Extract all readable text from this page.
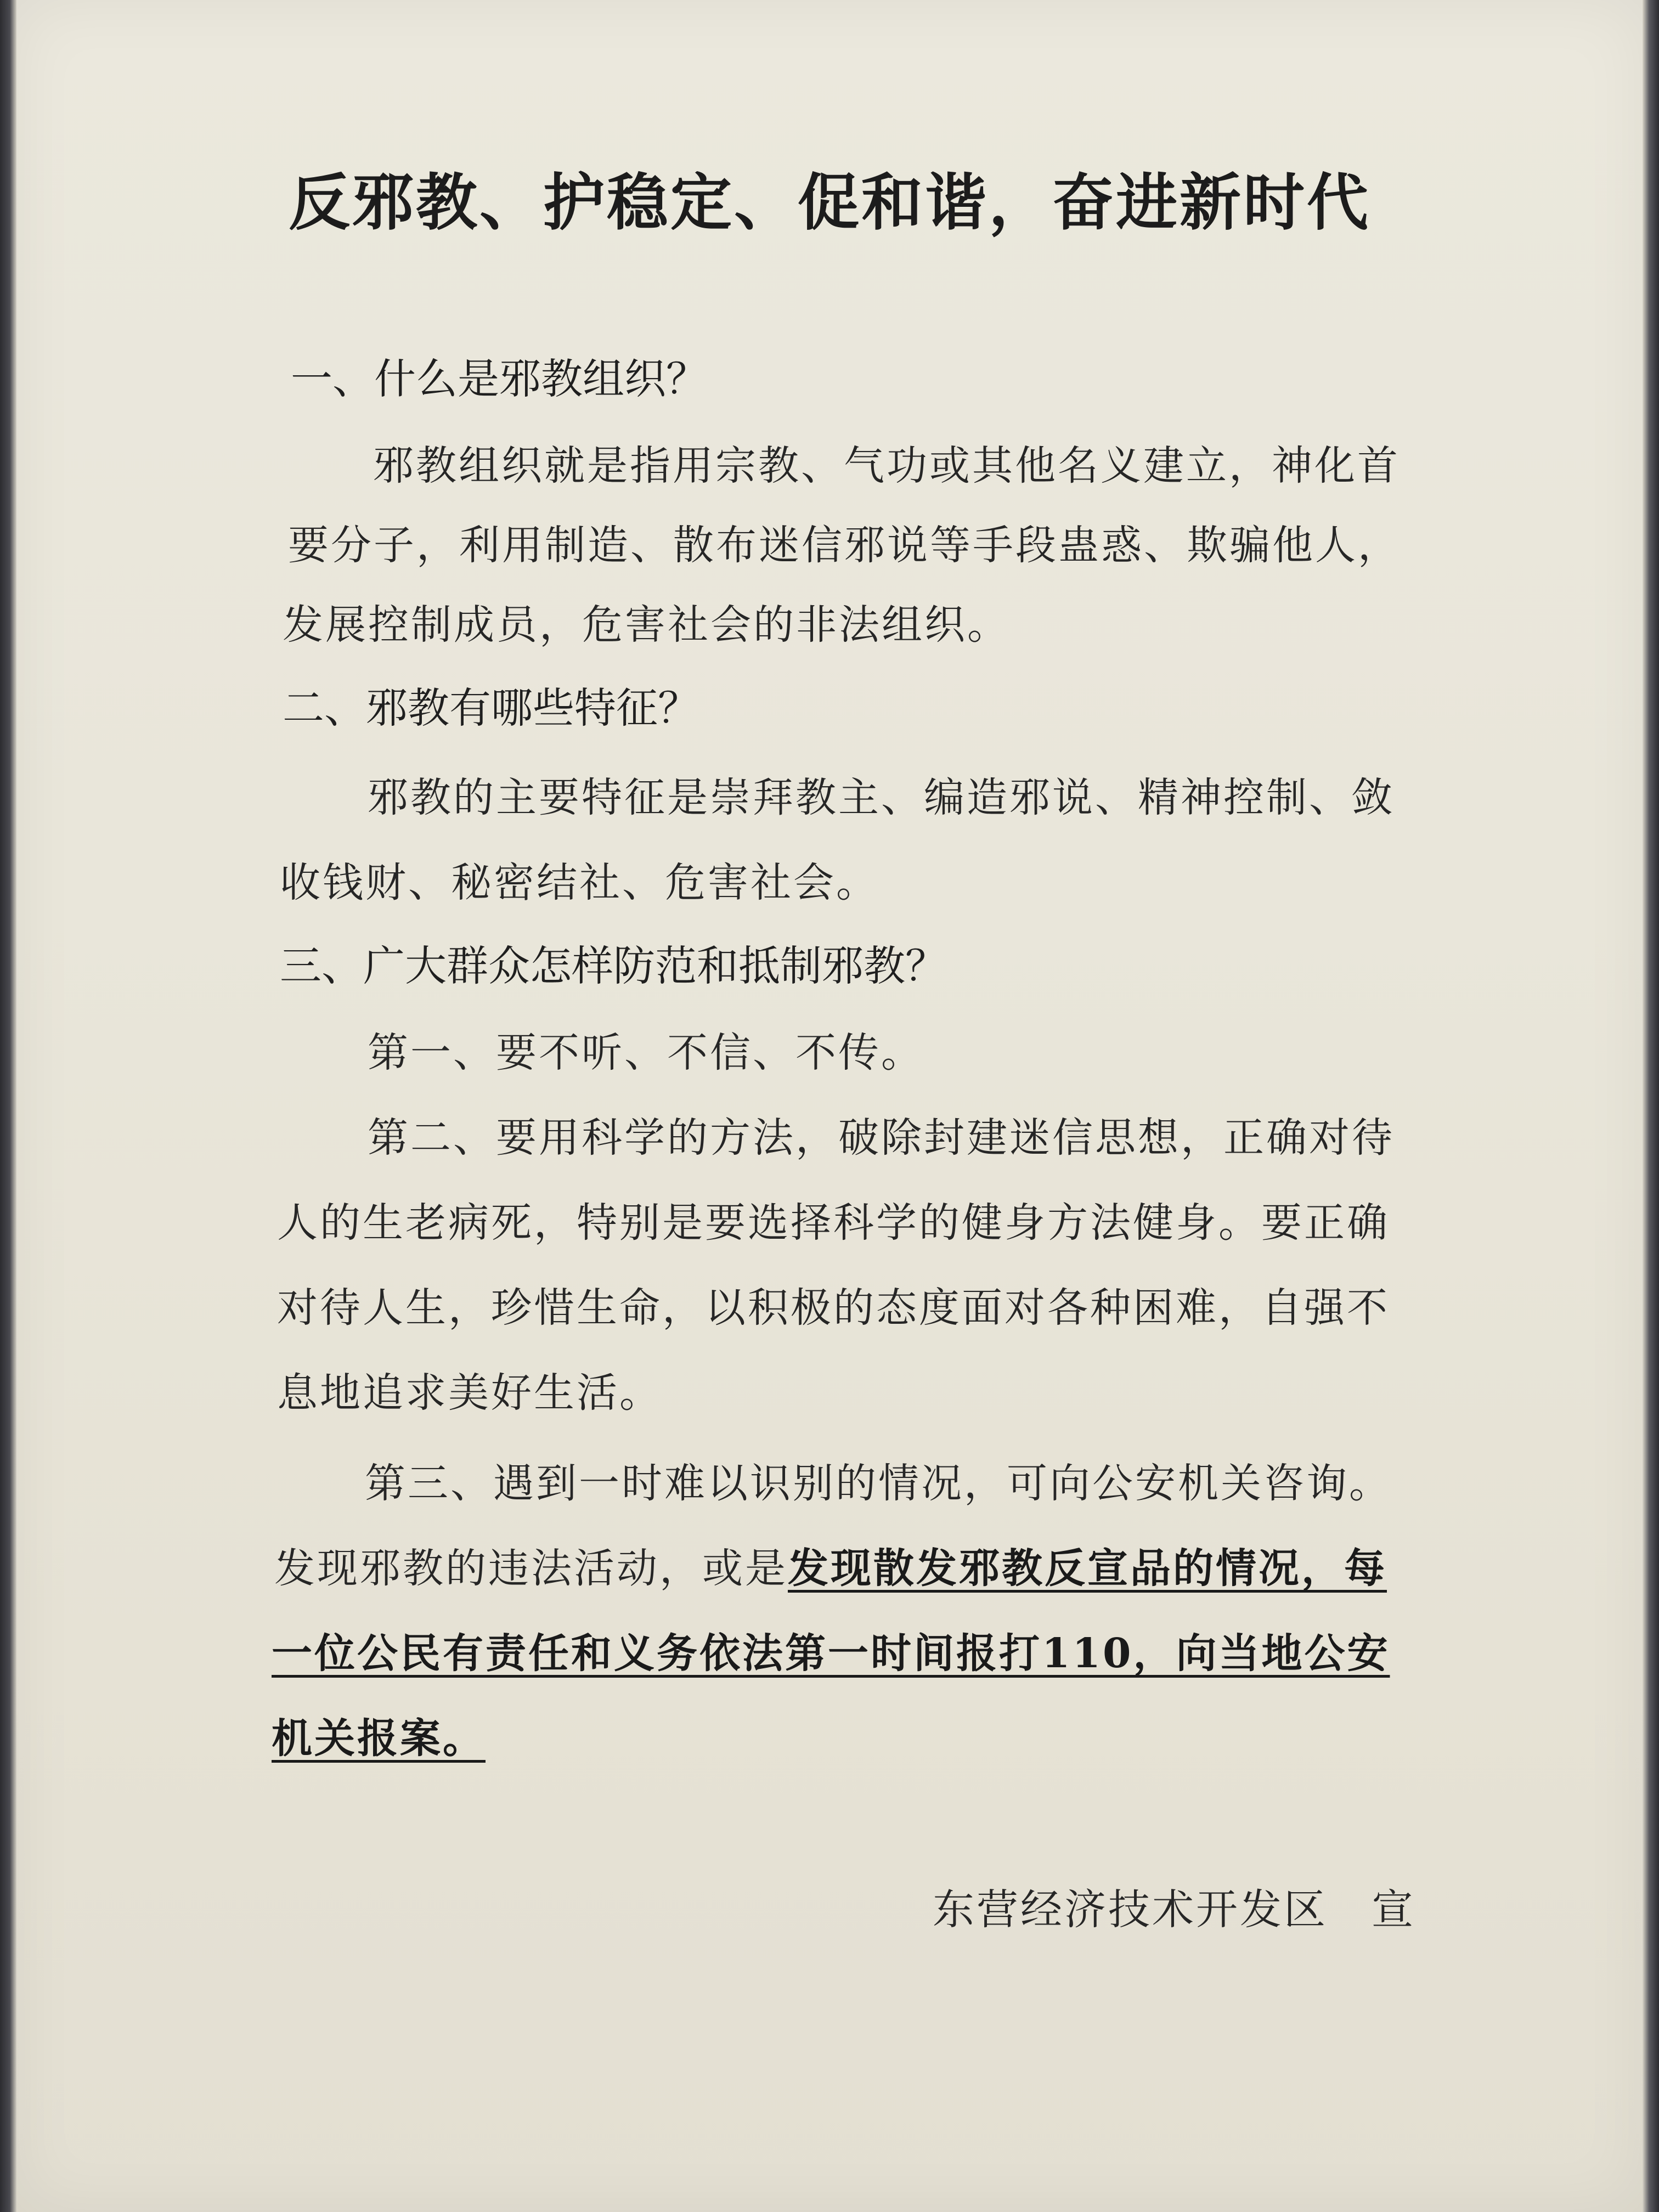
反邪教、护稳定、促和谐，奋进新时代
一、什么是邪教组织？
邪教组织就是指用宗教、气功或其他名义建立，神化首
要分子，利用制造、散布迷信邪说等手段蛊惑、欺骗他人，
发展控制成员，危害社会的非法组织。
二、邪教有哪些特征？
邪教的主要特征是崇拜教主、编造邪说、精神控制、敛
收钱财、秘密结社、危害社会。
三、广大群众怎样防范和抵制邪教？
第一、要不听、不信、不传。
第二、要用科学的方法，破除封建迷信思想，正确对待
人的生老病死，特别是要选择科学的健身方法健身。要正确
对待人生，珍惜生命，以积极的态度面对各种困难，自强不
息地追求美好生活。
第三、遇到一时难以识别的情况，可向公安机关咨询。
发现邪教的违法活动，或是发现散发邪教反宣品的情况，每
一位公民有责任和义务依法第一时间报打110，向当地公安
机关报案。
东营经济技术开发区　宣
